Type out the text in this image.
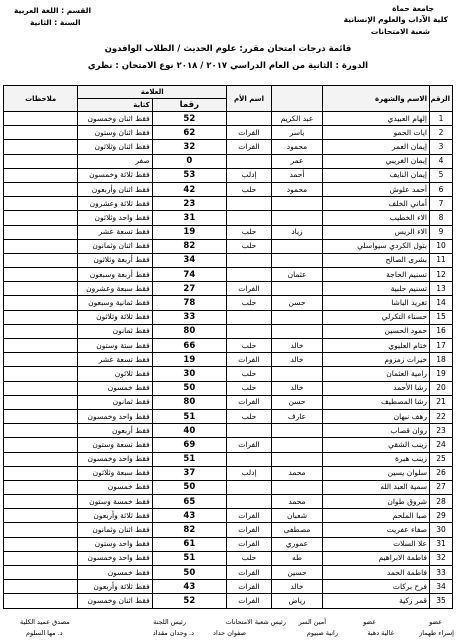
جامعة حماة
كلية الآداب والعلوم الإنسانية
شعبة الامتحانات
القسم : اللغة العربية
السنة : الثانية
قائمة درجات امتحان مقرر: علوم الحديث / الطلاب الوافدون
الدورة : الثانية من العام الدراسي ٢٠١٧ / ٢٠١٨ نوع الامتحان : نظري
الرقم	الاسم والشهرة		اسم الأم	العلامة		ملاحظات
				رقما	كتابة	
1	إلهام العبيدي	عبد الكريم		52	فقط اثنان وخمسون	
2	ايات الحمو	ياسر	الفرات	62	فقط اثنان وستون	
3	إيمان العمر	محمود	الفرات	32	فقط اثنان وثلاثون	
4	إيمان الغريبي	عمر		0	صفر	
5	إيمان النايف	أحمد	إدلب	53	فقط ثلاثة وخمسون	
6	أحمد علوش	محمود	حلب	42	فقط اثنان وأربعون	
7	أماني الخلف			23	فقط ثلاثة وعشرون	
8	الاء الخطيب			31	فقط واحد وثلاثون	
9	الاء الريس	زياد	حلب	19	فقط تسعة عشر	
10	بتول الكردي سيواسلي		حلب	82	فقط اثنان وثمانون	
11	بشرى الصالح			34	فقط أربعة وثلاثون	
12	تسنيم الحاجة	عثمان		74	فقط أربعة وسبعون	
13	تسنيم حلبية		الفرات	27	فقط سبعة وعشرون	
14	تغريد الباشا	حسن	حلب	78	فقط ثمانية وسبعون	
15	حسناء التكرلي			33	فقط ثلاثة وثلاثون	
16	حمود الحسين			80	فقط ثمانون	
17	ختام العليوي	خالد	حلب	66	فقط ستة وستون	
18	خيرات زمزوم	خالد	الفرات	19	فقط تسعة عشر	
19	رامية العثمان		حلب	30	فقط ثلاثون	
20	رشا الأحمد	خالد	حلب	50	فقط خمسون	
21	رشا المصطيف	حسن	الفرات	80	فقط ثمانون	
22	رهف نبهان	عارف	حلب	51	فقط واحد وخمسون	
23	روان قصاب			40	فقط أربعون	
24	زينب الشقي		الفرات	69	فقط تسعة وستون	
25	زينب هبرة			51	فقط واحد وخمسون	
26	سلوان يسين	محمد	إدلب	37	فقط سبعة وثلاثون	
27	سمية العبد الله			50	فقط خمسون	
28	شروق طوان	محمد		65	فقط خمسة وستون	
29	صبا الملحم	شعبان	الفرات	43	فقط ثلاثة وأربعون	
30	صفاء عفريت	مصطفى	الفرات	82	فقط اثنان وثمانون	
31	علا السلات	عموري	الفرات	61	فقط واحد وستون	
32	فاطمة الابراهيم	طه	حلب	51	فقط واحد وخمسون	
33	فاطمة الحمد	حسين	الفرات	50	فقط خمسون	
34	فرح بركات	خالد	الفرات	43	فقط ثلاثة وأربعون	
35	قمر زكية	رياض	الفرات	52	فقط اثنان وخمسون	
عضو
إسراء طهماز
عضو
غالية دهبة
أمين السر
رانية صبيوم
رئيس شعبة الامتحانات
صفوان حداد
رئيس اللجنة
د. وجدان مقداد
مصدق عميد الكلية
د. مها السلوم
